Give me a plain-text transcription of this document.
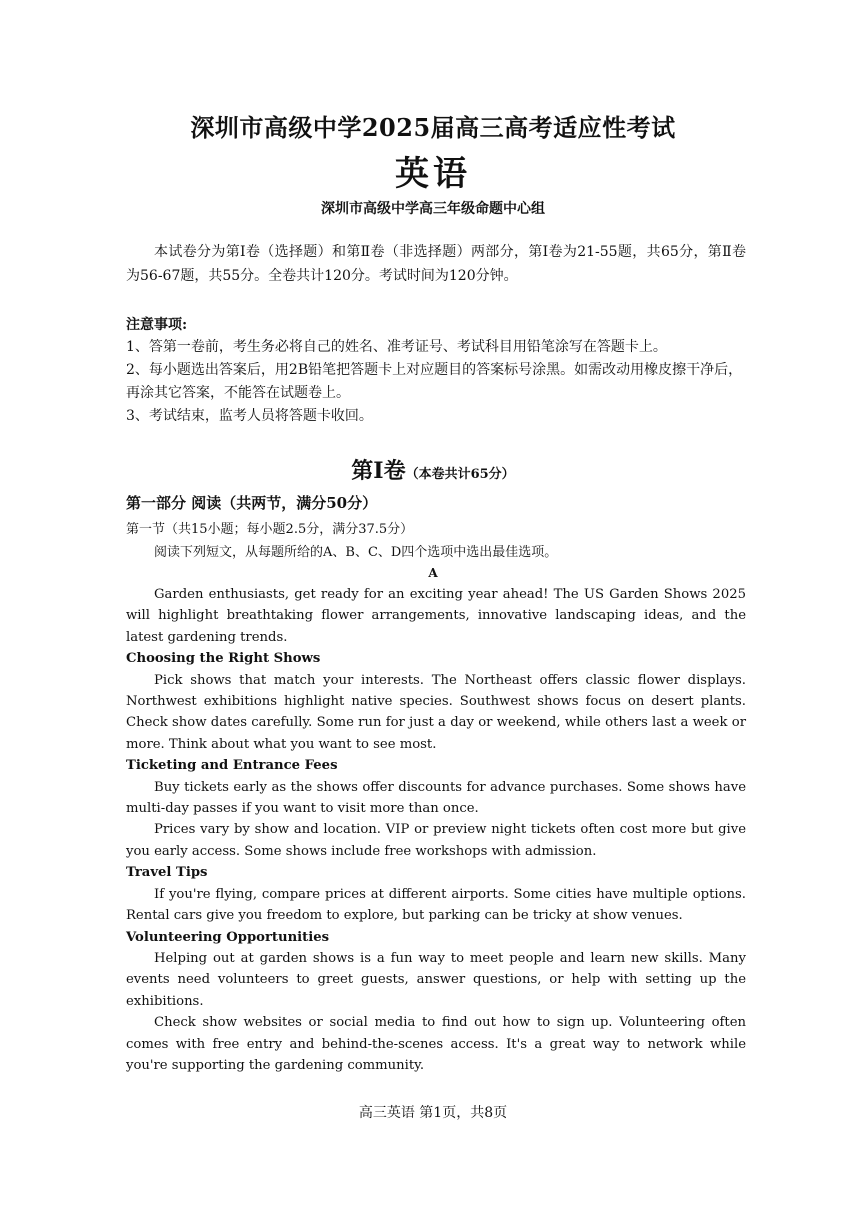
深圳市高级中学2025届高三高考适应性考试
英语
深圳市高级中学高三年级命题中心组
本试卷分为第Ⅰ卷（选择题）和第Ⅱ卷（非选择题）两部分，第Ⅰ卷为21-55题，共65分，第Ⅱ卷为56-67题，共55分。全卷共计120分。考试时间为120分钟。
注意事项:

1、答第一卷前，考生务必将自己的姓名、准考证号、考试科目用铅笔涂写在答题卡上。

2、每小题选出答案后，用2B铅笔把答题卡上对应题目的答案标号涂黑。如需改动用橡皮擦干净后，再涂其它答案，不能答在试题卷上。

3、考试结束，监考人员将答题卡收回。

第Ⅰ卷（本卷共计65分）
第一部分 阅读（共两节，满分50分）
第一节（共15小题；每小题2.5分，满分37.5分）
阅读下列短文，从每题所给的A、B、C、D四个选项中选出最佳选项。
A

Garden enthusiasts, get ready for an exciting year ahead! The US Garden Shows 2025 will highlight breathtaking flower arrangements, innovative landscaping ideas, and the latest gardening trends.

Choosing the Right Shows

Pick shows that match your interests. The Northeast offers classic flower displays. Northwest exhibitions highlight native species. Southwest shows focus on desert plants. Check show dates carefully. Some run for just a day or weekend, while others last a week or more. Think about what you want to see most.

Ticketing and Entrance Fees

Buy tickets early as the shows offer discounts for advance purchases. Some shows have multi-day passes if you want to visit more than once.

Prices vary by show and location. VIP or preview night tickets often cost more but give you early access. Some shows include free workshops with admission.

Travel Tips

If you're flying, compare prices at different airports. Some cities have multiple options. Rental cars give you freedom to explore, but parking can be tricky at show venues.

Volunteering Opportunities

Helping out at garden shows is a fun way to meet people and learn new skills. Many events need volunteers to greet guests, answer questions, or help with setting up the exhibitions.

Check show websites or social media to find out how to sign up. Volunteering often comes with free entry and behind-the-scenes access. It's a great way to network while you're supporting the gardening community.

高三英语 第1页，共8页
